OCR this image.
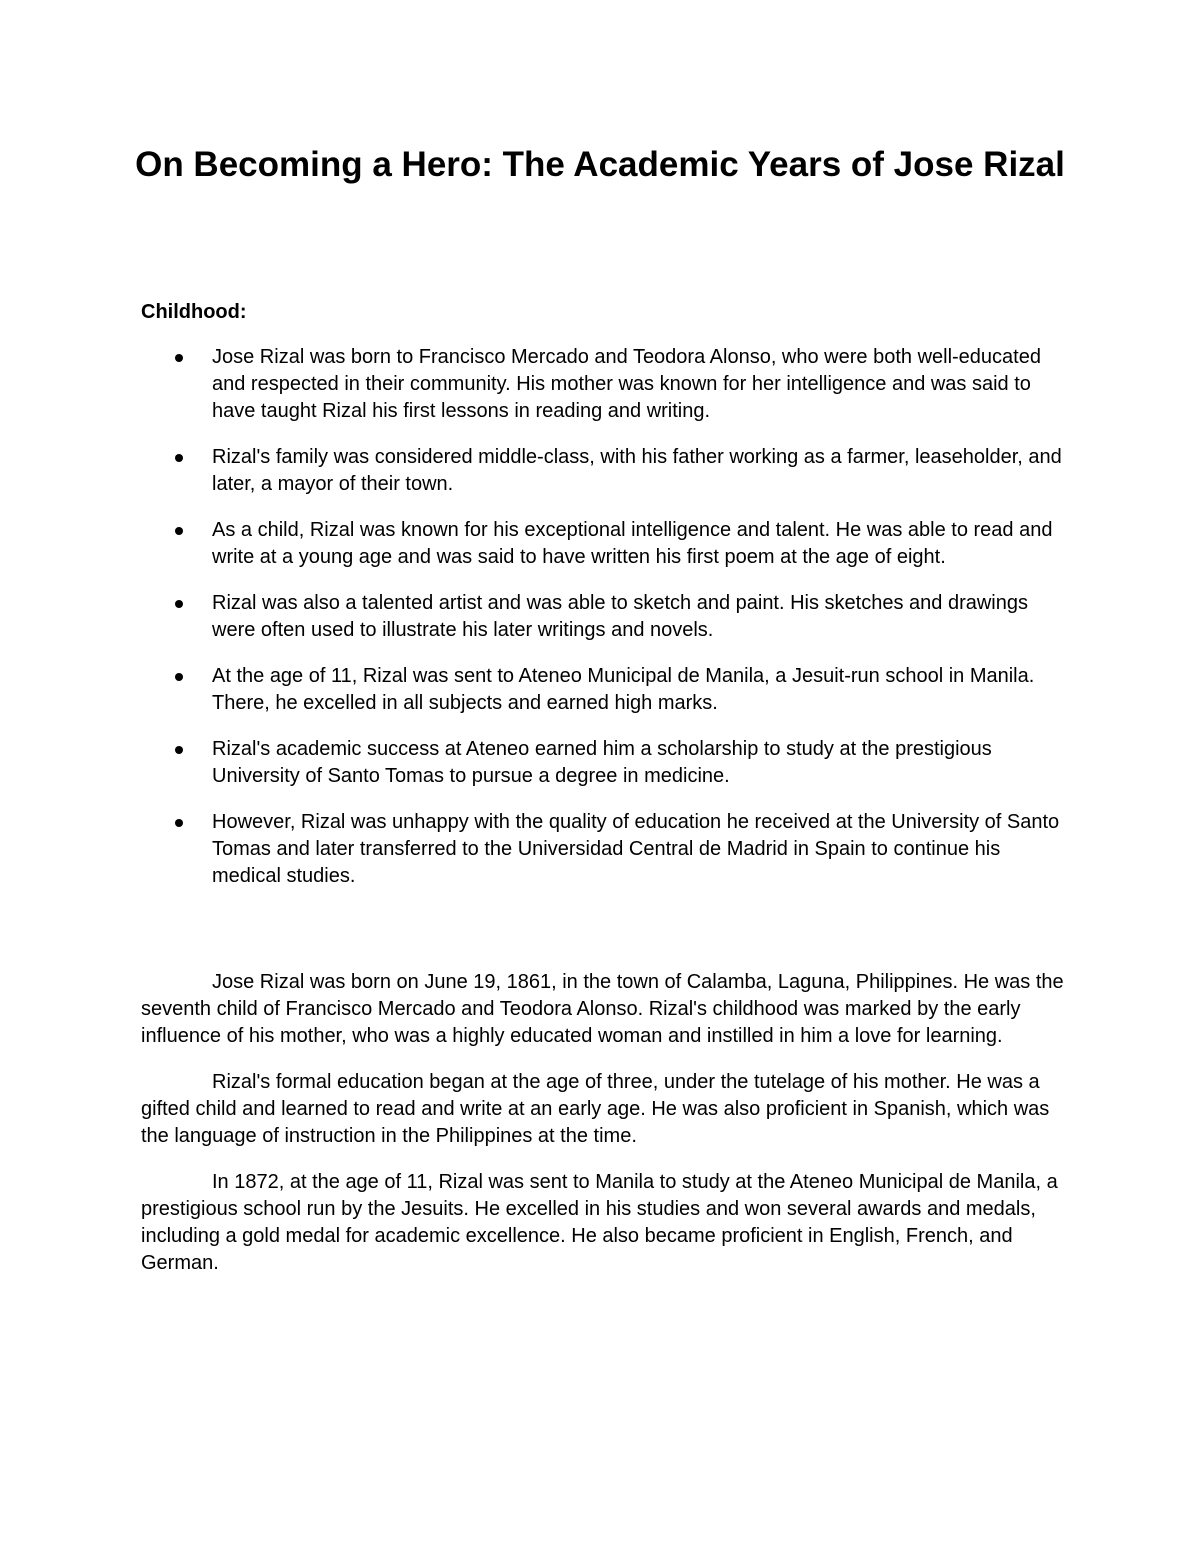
On Becoming a Hero: The Academic Years of Jose Rizal
Childhood:
Jose Rizal was born to Francisco Mercado and Teodora Alonso, who were both well-educated and respected in their community. His mother was known for her intelligence and was said to have taught Rizal his first lessons in reading and writing.
Rizal's family was considered middle-class, with his father working as a farmer, leaseholder, and later, a mayor of their town.
As a child, Rizal was known for his exceptional intelligence and talent. He was able to read and write at a young age and was said to have written his first poem at the age of eight.
Rizal was also a talented artist and was able to sketch and paint. His sketches and drawings were often used to illustrate his later writings and novels.
At the age of 11, Rizal was sent to Ateneo Municipal de Manila, a Jesuit-run school in Manila. There, he excelled in all subjects and earned high marks.
Rizal's academic success at Ateneo earned him a scholarship to study at the prestigious University of Santo Tomas to pursue a degree in medicine.
However, Rizal was unhappy with the quality of education he received at the University of Santo Tomas and later transferred to the Universidad Central de Madrid in Spain to continue his medical studies.

Jose Rizal was born on June 19, 1861, in the town of Calamba, Laguna, Philippines. He was the seventh child of Francisco Mercado and Teodora Alonso. Rizal's childhood was marked by the early influence of his mother, who was a highly educated woman and instilled in him a love for learning.

Rizal's formal education began at the age of three, under the tutelage of his mother. He was a gifted child and learned to read and write at an early age. He was also proficient in Spanish, which was the language of instruction in the Philippines at the time.

In 1872, at the age of 11, Rizal was sent to Manila to study at the Ateneo Municipal de Manila, a prestigious school run by the Jesuits. He excelled in his studies and won several awards and medals, including a gold medal for academic excellence. He also became proficient in English, French, and German.
